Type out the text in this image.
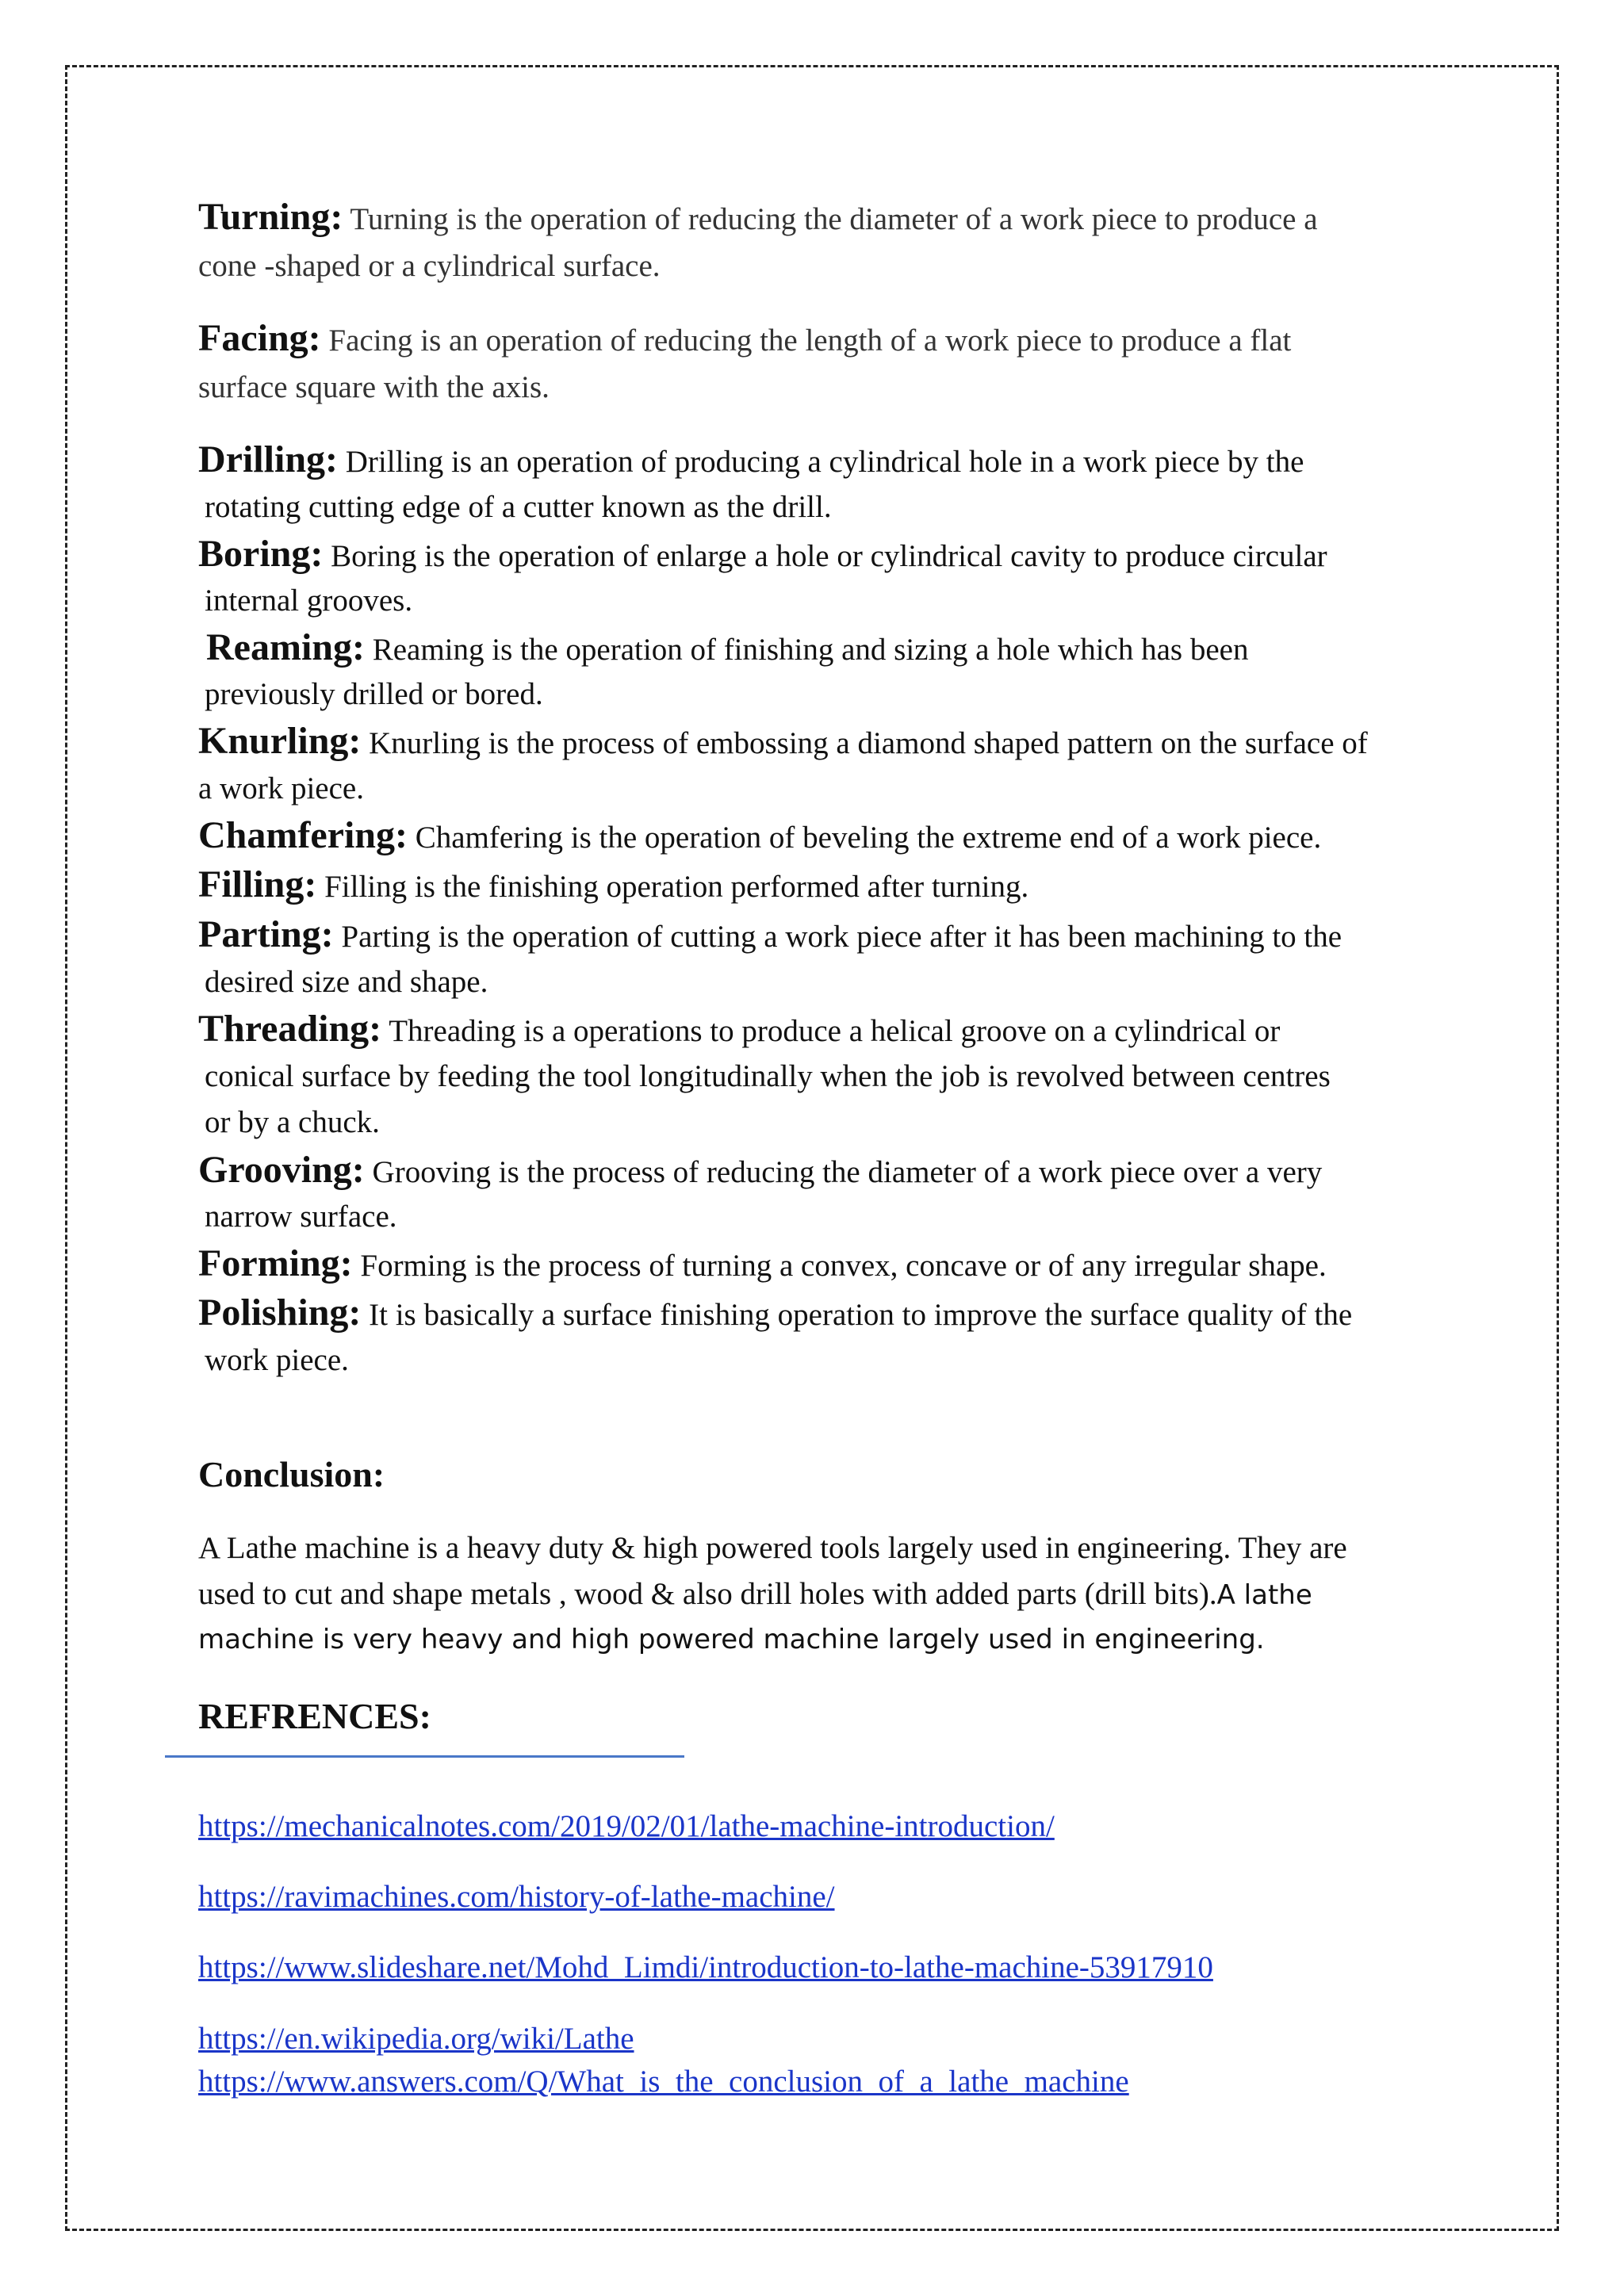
Turning: Turning is the operation of reducing the diameter of a work piece to produce a
cone -shaped or a cylindrical surface.
Facing: Facing is an operation of reducing the length of a work piece to produce a flat
surface square with the axis.
Drilling: Drilling is an operation of producing a cylindrical hole in a work piece by the
rotating cutting edge of a cutter known as the drill.
Boring: Boring is the operation of enlarge a hole or cylindrical cavity to produce circular
internal grooves.
Reaming: Reaming is the operation of finishing and sizing a hole which has been
previously drilled or bored.
Knurling: Knurling is the process of embossing a diamond shaped pattern on the surface of
a work piece.
Chamfering: Chamfering is the operation of beveling the extreme end of a work piece.
Filling: Filling is the finishing operation performed after turning.
Parting: Parting is the operation of cutting a work piece after it has been machining to the
desired size and shape.
Threading: Threading is a operations to produce a helical groove on a cylindrical or
conical surface by feeding the tool longitudinally when the job is revolved between centres
or by a chuck.
Grooving: Grooving is the process of reducing the diameter of a work piece over a very
narrow surface.
Forming: Forming is the process of turning a convex, concave or of any irregular shape.
Polishing: It is basically a surface finishing operation to improve the surface quality of the
work piece.
Conclusion:
A Lathe machine is a heavy duty & high powered tools largely used in engineering. They are
used to cut and shape metals , wood & also drill holes with added parts (drill bits).A lathe
machine is very heavy and high powered machine largely used in engineering.
REFRENCES:
https://mechanicalnotes.com/2019/02/01/lathe-machine-introduction/
https://ravimachines.com/history-of-lathe-machine/
https://www.slideshare.net/Mohd_Limdi/introduction-to-lathe-machine-53917910
https://en.wikipedia.org/wiki/Lathe
https://www.answers.com/Q/What_is_the_conclusion_of_a_lathe_machine
